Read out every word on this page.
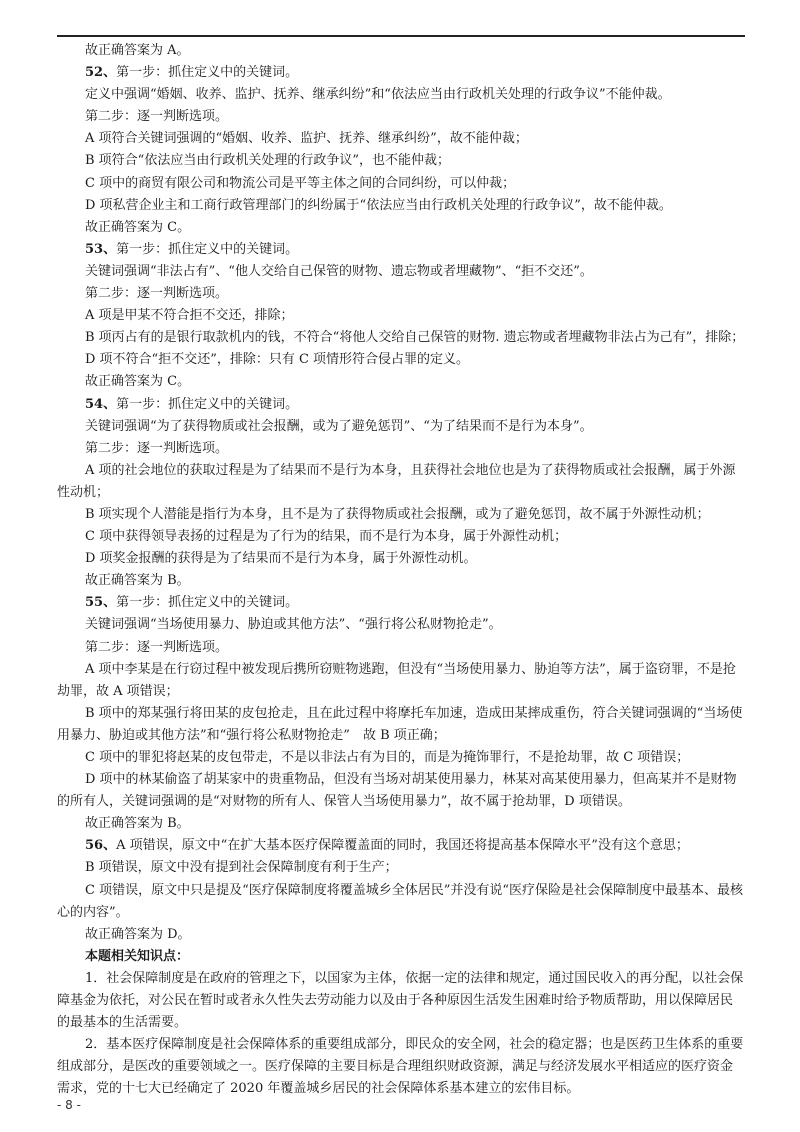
故正确答案为 A。

52、第一步：抓住定义中的关键词。

定义中强调“婚姻、收养、监护、抚养、继承纠纷”和“依法应当由行政机关处理的行政争议”不能仲裁。

第二步：逐一判断选项。

A 项符合关键词强调的“婚姻、收养、监护、抚养、继承纠纷”，故不能仲裁；

B 项符合“依法应当由行政机关处理的行政争议”，也不能仲裁；

C 项中的商贸有限公司和物流公司是平等主体之间的合同纠纷，可以仲裁；

D 项私营企业主和工商行政管理部门的纠纷属于“依法应当由行政机关处理的行政争议”，故不能仲裁。

故正确答案为 C。

53、第一步：抓住定义中的关键词。

关键词强调“非法占有”、“他人交给自己保管的财物、遗忘物或者埋藏物”、“拒不交还”。

第二步：逐一判断选项。

A 项是甲某不符合拒不交还，排除；

B 项丙占有的是银行取款机内的钱，不符合“将他人交给自己保管的财物. 遗忘物或者埋藏物非法占为己有”，排除；

D 项不符合“拒不交还”，排除：只有 C 项情形符合侵占罪的定义。

故正确答案为 C。

54、第一步：抓住定义中的关键词。

关键词强调“为了获得物质或社会报酬，或为了避免惩罚”、“为了结果而不是行为本身”。

第二步：逐一判断选项。

A 项的社会地位的获取过程是为了结果而不是行为本身，且获得社会地位也是为了获得物质或社会报酬，属于外源性动机；

B 项实现个人潜能是指行为本身，且不是为了获得物质或社会报酬，或为了避免惩罚，故不属于外源性动机；

C 项中获得领导表扬的过程是为了行为的结果，而不是行为本身，属于外源性动机；

D 项奖金报酬的获得是为了结果而不是行为本身，属于外源性动机。

故正确答案为 B。

55、第一步：抓住定义中的关键词。

关键词强调“当场使用暴力、胁迫或其他方法”、“强行将公私财物抢走”。

第二步：逐一判断选项。

A 项中李某是在行窃过程中被发现后携所窃赃物逃跑，但没有“当场使用暴力、胁迫等方法”，属于盗窃罪，不是抢劫罪，故 A 项错误；

B 项中的郑某强行将田某的皮包抢走，且在此过程中将摩托车加速，造成田某摔成重伤，符合关键词强调的“当场使用暴力、胁迫或其他方法”和“强行将公私财物抢走”　故 B 项正确；

C 项中的罪犯将赵某的皮包带走，不是以非法占有为目的，而是为掩饰罪行，不是抢劫罪，故 C 项错误；

D 项中的林某偷盗了胡某家中的贵重物品，但没有当场对胡某使用暴力，林某对高某使用暴力，但高某并不是财物的所有人，关键词强调的是“对财物的所有人、保管人当场使用暴力”，故不属于抢劫罪，D 项错误。

故正确答案为 B。

56、A 项错误，原文中“在扩大基本医疗保障覆盖面的同时，我国还将提高基本保障水平”没有这个意思；

B 项错误，原文中没有提到社会保障制度有利于生产；

C 项错误，原文中只是提及“医疗保障制度将覆盖城乡全体居民”并没有说“医疗保险是社会保障制度中最基本、最核心的内容”。

故正确答案为 D。

本题相关知识点：

1．社会保障制度是在政府的管理之下，以国家为主体，依据一定的法律和规定，通过国民收入的再分配，以社会保障基金为依托，对公民在暂时或者永久性失去劳动能力以及由于各种原因生活发生困难时给予物质帮助，用以保障居民的最基本的生活需要。

2．基本医疗保障制度是社会保障体系的重要组成部分，即民众的安全网，社会的稳定器；也是医药卫生体系的重要组成部分，是医改的重要领域之一。医疗保障的主要目标是合理组织财政资源，满足与经济发展水平相适应的医疗资金需求，党的十七大已经确定了 2020 年覆盖城乡居民的社会保障体系基本建立的宏伟目标。

- 8 -
